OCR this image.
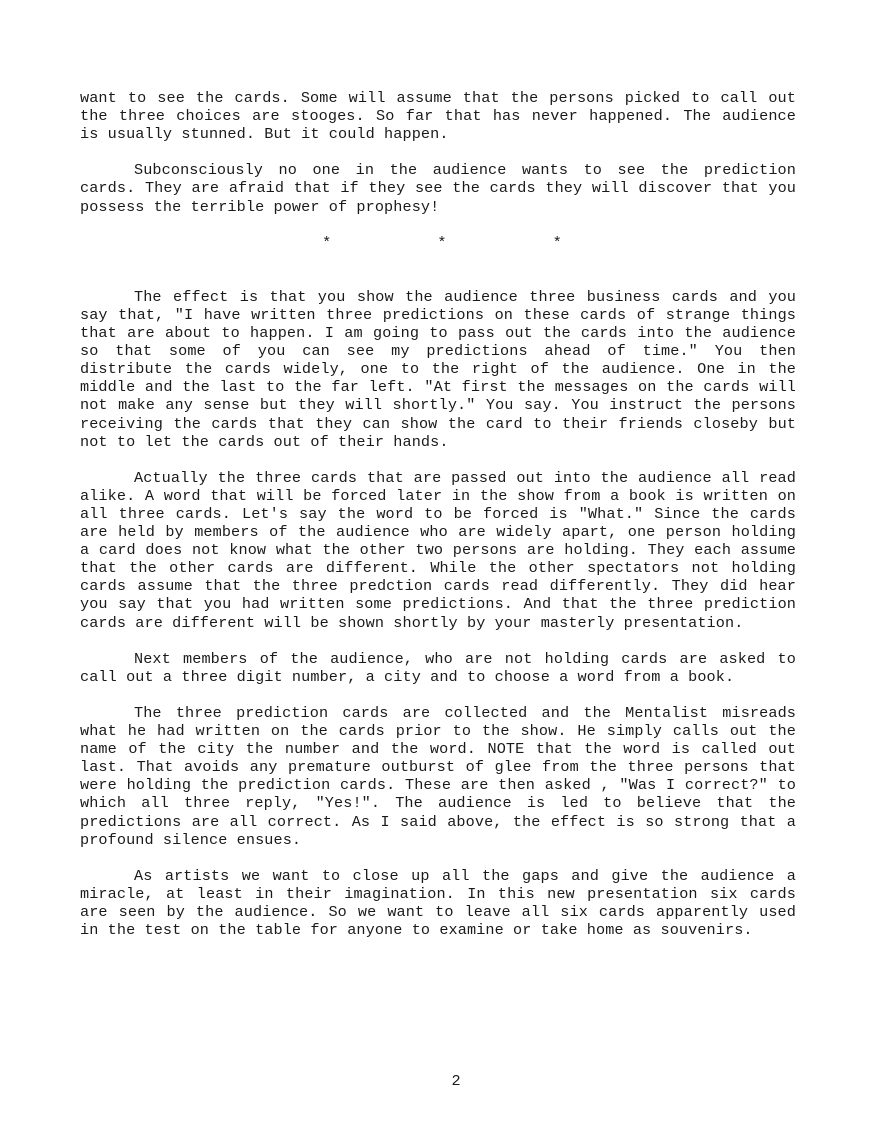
want to see the cards. Some will assume that the persons picked to call out the three choices are stooges. So far that has never happened. The audience is usually stunned. But it could happen.

Subconsciously no one in the audience wants to see the prediction cards. They are afraid that if they see the cards they will discover that you possess the terrible power of prophesy!

*	*	*

The effect is that you show the audience three business cards and you say that, "I have written three predictions on these cards of strange things that are about to happen. I am going to pass out the cards into the audience so that some of you can see my predictions ahead of time." You then distribute the cards widely, one to the right of the audience. One in the middle and the last to the far left. "At first the messages on the cards will not make any sense but they will shortly." You say. You instruct the persons receiving the cards that they can show the card to their friends closeby but not to let the cards out of their hands.

Actually the three cards that are passed out into the audience all read alike. A word that will be forced later in the show from a book is written on all three cards. Let's say the word to be forced is "What." Since the cards are held by members of the audience who are widely apart, one person holding a card does not know what the other two persons are holding. They each assume that the other cards are different. While the other spectators not holding cards assume that the three predction cards read differently. They did hear you say that you had written some predictions. And that the three prediction cards are different will be shown shortly by your masterly presentation.

Next members of the audience, who are not holding cards are asked to call out a three digit number, a city and to choose a word from a book.

The three prediction cards are collected and the Mentalist misreads what he had written on the cards prior to the show. He simply calls out the name of the city the number and the word. NOTE that the word is called out last. That avoids any premature outburst of glee from the three persons that were holding the prediction cards. These are then asked , "Was I correct?" to which all three reply, "Yes!". The audience is led to believe that the predictions are all correct. As I said above, the effect is so strong that a profound silence ensues.

As artists we want to close up all the gaps and give the audience a miracle, at least in their imagination. In this new presentation six cards are seen by the audience. So we want to leave all six cards apparently used in the test on the table for anyone to examine or take home as souvenirs.

2
